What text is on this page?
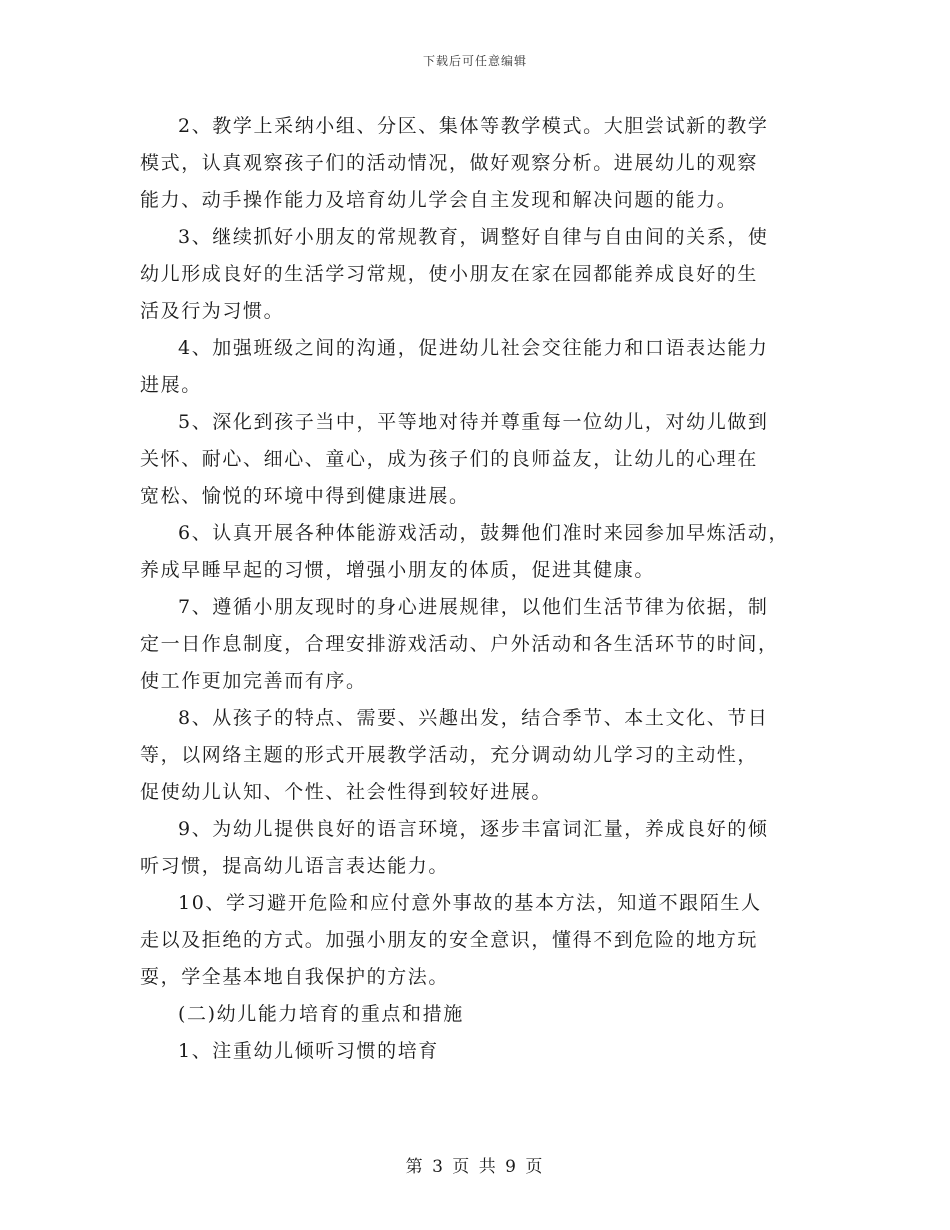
下载后可任意编辑

2、教学上采纳小组、分区、集体等教学模式。大胆尝试新的教学
模式，认真观察孩子们的活动情况，做好观察分析。进展幼儿的观察
能力、动手操作能力及培育幼儿学会自主发现和解决问题的能力。

3、继续抓好小朋友的常规教育，调整好自律与自由间的关系，使
幼儿形成良好的生活学习常规，使小朋友在家在园都能养成良好的生
活及行为习惯。

4、加强班级之间的沟通，促进幼儿社会交往能力和口语表达能力
进展。

5、深化到孩子当中，平等地对待并尊重每一位幼儿，对幼儿做到
关怀、耐心、细心、童心，成为孩子们的良师益友，让幼儿的心理在
宽松、愉悦的环境中得到健康进展。

6、认真开展各种体能游戏活动，鼓舞他们准时来园参加早炼活动，
养成早睡早起的习惯，增强小朋友的体质，促进其健康。

7、遵循小朋友现时的身心进展规律，以他们生活节律为依据，制
定一日作息制度，合理安排游戏活动、户外活动和各生活环节的时间，
使工作更加完善而有序。

8、从孩子的特点、需要、兴趣出发，结合季节、本土文化、节日
等，以网络主题的形式开展教学活动，充分调动幼儿学习的主动性，
促使幼儿认知、个性、社会性得到较好进展。

9、为幼儿提供良好的语言环境，逐步丰富词汇量，养成良好的倾
听习惯，提高幼儿语言表达能力。

10、学习避开危险和应付意外事故的基本方法，知道不跟陌生人
走以及拒绝的方式。加强小朋友的安全意识，懂得不到危险的地方玩
耍，学全基本地自我保护的方法。

(二)幼儿能力培育的重点和措施

1、注重幼儿倾听习惯的培育

第 3 页 共 9 页
